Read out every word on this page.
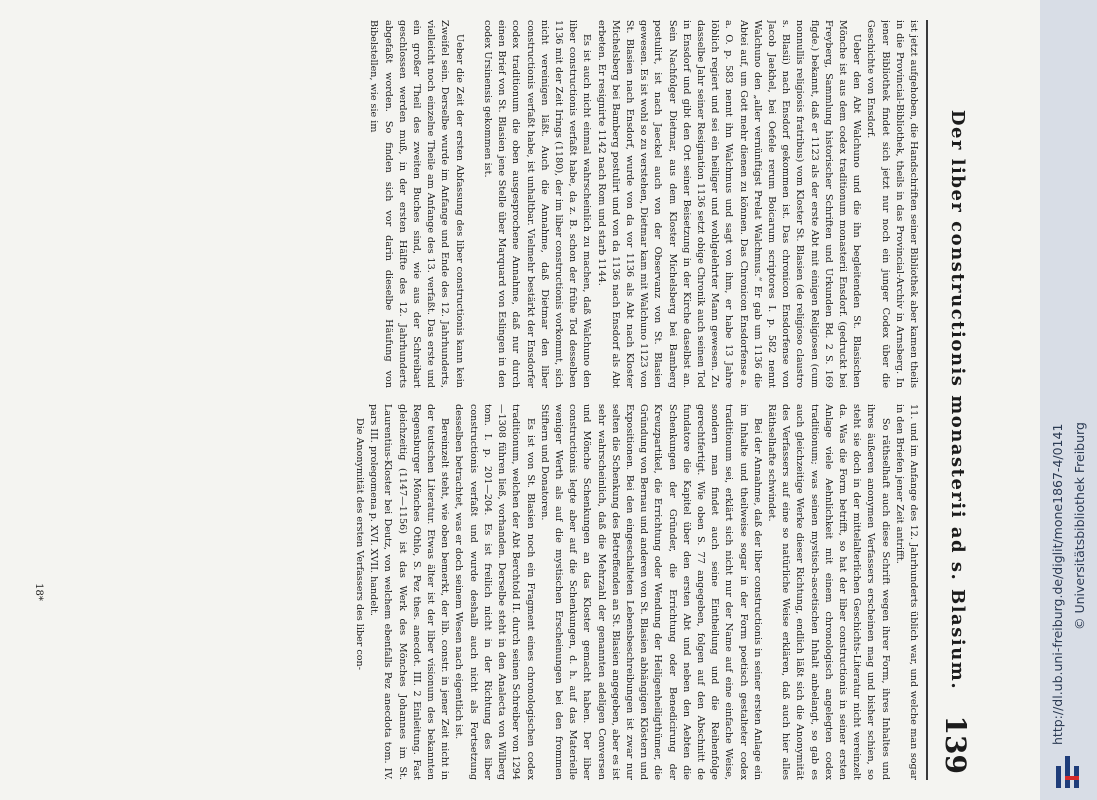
Der liber constructionis monasterii ad s. Blasium.
139

ist jetzt aufgehoben, die Handschriften seiner Bibliothek aber kamen theils in die Provincial-Bibliothek, theils in das Provincial-Archiv in Arnsberg. In jener Bibliothek findet sich jetzt nur noch ein junger Codex über die Geschichte von Ensdorf.

Ueber den Abt Walchuno und die ihn begleitenden St. Blasischen Mönche ist aus dem codex traditionum monasterii Ensdorf. (gedruckt bei Freyberg, Sammlung historischer Schriften und Urkunden Bd. 2 S. 169 flgde.) bekannt, daß er 1123 als der erste Abt mit einigen Religiosen (cum nonnullis religiosis fratribus) vom Kloster St. Blasien (de religioso claustro s. Blasii) nach Ensdorf gekommen ist. Das chronicon Ensdorfense von Jacob Jaekhel, bei Oefele rerum Boicarum scriptores I. p. 582 nennt Walchuno den „aller vernünftigst Prelat Walchmus.“ Er gab um 1136 die Abtei auf, um Gott mehr dienen zu können. Das Chronicon Ensdorfense a. a. O. p. 583 nennt ihn Walchmus und sagt von ihm, er habe 13 Jahre löblich regiert und sei ein heiliger und wohlgelehrter Mann gewesen. Zu dasselbe Jahr seiner Resignation 1136 setzt obige Chronik auch seinen Tod in Ensdorf und gibt den Ort seiner Beisetzung in der Kirche daselbst an. Sein Nachfolger Dietmar, aus dem Kloster Michelsberg bei Bamberg postulirt, ist nach Jaeckel auch von der Observanz von St. Blasien gewesen. Es ist wohl so zu verstehen, Dietmar kam mit Walchuno 1123 von St. Blasien nach Ensdorf, wurde von da vor 1136 als Abt nach Kloster Michelsberg bei Bamberg postulirt und von da 1136 nach Ensdorf als Abt erbeten. Er resignirte 1142 nach Rom und starb 1144.

Es ist auch nicht einmal wahrscheinlich zu machen, daß Walchuno den liber constructionis verfaßt habe, da z. B. schon der frühe Tod desselben 1136 mit der Zeit Irings (1180), der im liber constructionis vorkommt, sich nicht vereinigen läßt. Auch die Annahme, daß Dietmar den liber constructionis verfaßt habe, ist unhaltbar. Vielmehr bestärkt der Ensdorfer codex traditionum die oben ausgesprochene Annahme, daß nur durch einen Brief von St. Blasien jene Stelle über Marquard von Eslingen in den codex Ursinensis gekommen ist.

Ueber die Zeit der ersten Abfassung des liber constructionis kann kein Zweifel sein. Derselbe wurde im Anfange und Ende des 12. Jahrhunderts, vielleicht noch einzelne Theile am Anfange des 13. verfaßt. Das erste und ein großer Theil des zweiten Buches sind, wie aus der Schreibart geschlossen werden muß, in der ersten Hälfte des 12. Jahrhunderts abgefaßt worden. So finden sich vor darin dieselbe Häufung von Bibelstellen, wie sie im

11. und im Anfange des 12. Jahrhunderts üblich war, und welche man sogar in den Briefen jener Zeit antrifft.

So räthselhaft auch diese Schrift wegen ihrer Form, ihres Inhaltes und ihres äußeren anonymen Verfassers erscheinen mag und bisher schien, so steht sie doch in der mittelalterlichen Geschichts-Literatur nicht vereinzelt da. Was die Form betrifft, so hat der liber constructionis in seiner ersten Anlage viele Aehnlichkeit mit einem chronologisch angelegten codex traditionum; was seinen mystisch-ascetischen Inhalt anbelangt, so gab es auch gleichzeitige Werke dieser Richtung, endlich läßt sich die Anonymität des Verfassers auf eine so natürliche Weise erklären, daß auch hier alles Räthselhafte schwindet.

Bei der Annahme, daß der liber constructionis in seiner ersten Anlage ein im Inhalte und theilweise sogar in der Form poetisch gestalteter codex traditionum sei, erklärt sich nicht nur der Name auf eine einfache Weise, sondern man findet auch seine Eintheilung und die Reihenfolge gerechtfertigt. Wie oben S. 77 angegeben, folgen auf den Abschnitt de fundatore die Kapitel über den ersten Abt und neben den Aebten die Schenkungen der Gründer, die Errichtung oder Benedicirung der Kreuzpartikel, die Errichtung oder Wendung der Heiligenheiligthümer, die Gründung von Bernau und anderen von St. Blasien abhängigen Klöstern und Expositionen. Bei den eingeschalteten Lebensbeschreibungen ist zwar nur selten die Schenkung des Betreffenden an St. Blasien angegeben, aber es ist sehr wahrscheinlich, daß die Mehrzahl der genannten adeligen Conversen und Mönche Schenkungen an das Kloster gemacht haben. Der liber constructionis legte aber auf die Schenkungen, d. h. auf das Materielle weniger Werth als auf die mystischen Erscheinungen bei den frommen Stiftern und Donatoren.

Es ist von St. Blasien noch ein Fragment eines chronologischen codex traditionum, welchen der Abt Berchtold II. durch seinen Schreiber von 1294—1308 führen ließ, vorhanden. Derselbe steht in den Analecta von Wilberg tom. I. p. 201—204. Es ist freilich nicht in der Richtung des liber constructionis verfaßt und wurde deshalb auch nicht als Fortsetzung desselben betrachtet, was er doch seinem Wesen nach eigentlich ist.

Bereinzelt steht, wie oben bemerkt, der lib. constr. in jener Zeit nicht in der teutschen Literatur. Etwas älter ist der liber visionum des bekannten Regensburger Mönches Othlo, S. Pez thes. anecdot. III. 2 Einleitung. Fast gleichzeitig (1147—1156) ist das Werk des Mönches Johannes im St. Laurentius-Kloster bei Deutz, von welchem ebenfalls Pez anecdota tom. IV. pars III. prolegomena p. XVI. XVII. handelt.

Die Anonymität des ersten Verfassers des liber con-

18*	http://dl.ub.uni-freiburg.de/diglit/mone1867-4/0141 © Universitätsbibliothek Freiburg
